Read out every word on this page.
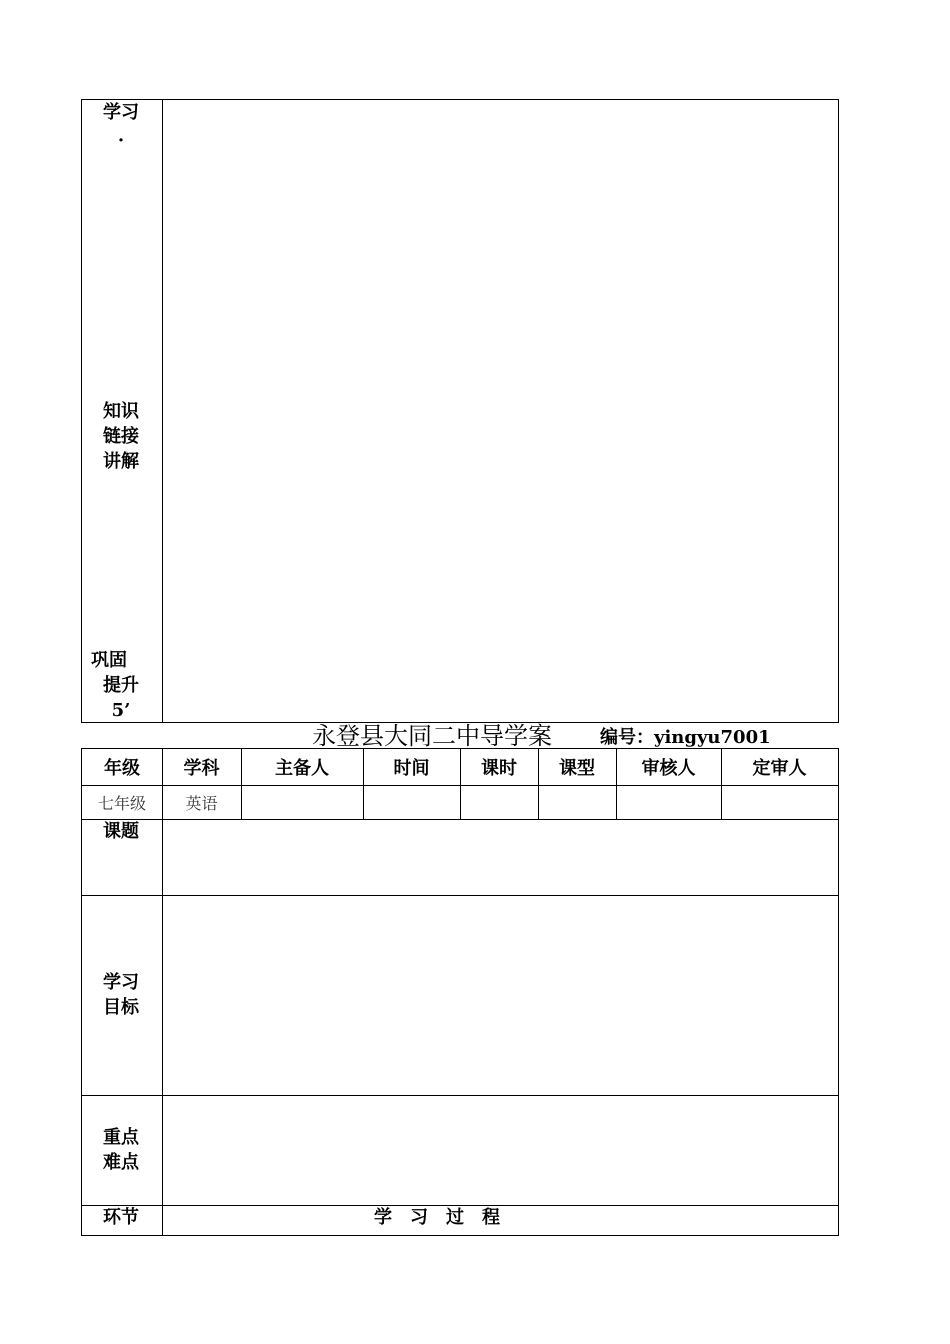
学习
·
知识
链接
讲解
巩固
提升
5’
永登县大同二中导学案	编号：yingyu7001
年级	学科	主备人	时间	课时	课型	审核人	定审人
七年级	英语
课题
学习
目标
重点
难点
环节	学　习　过　程
